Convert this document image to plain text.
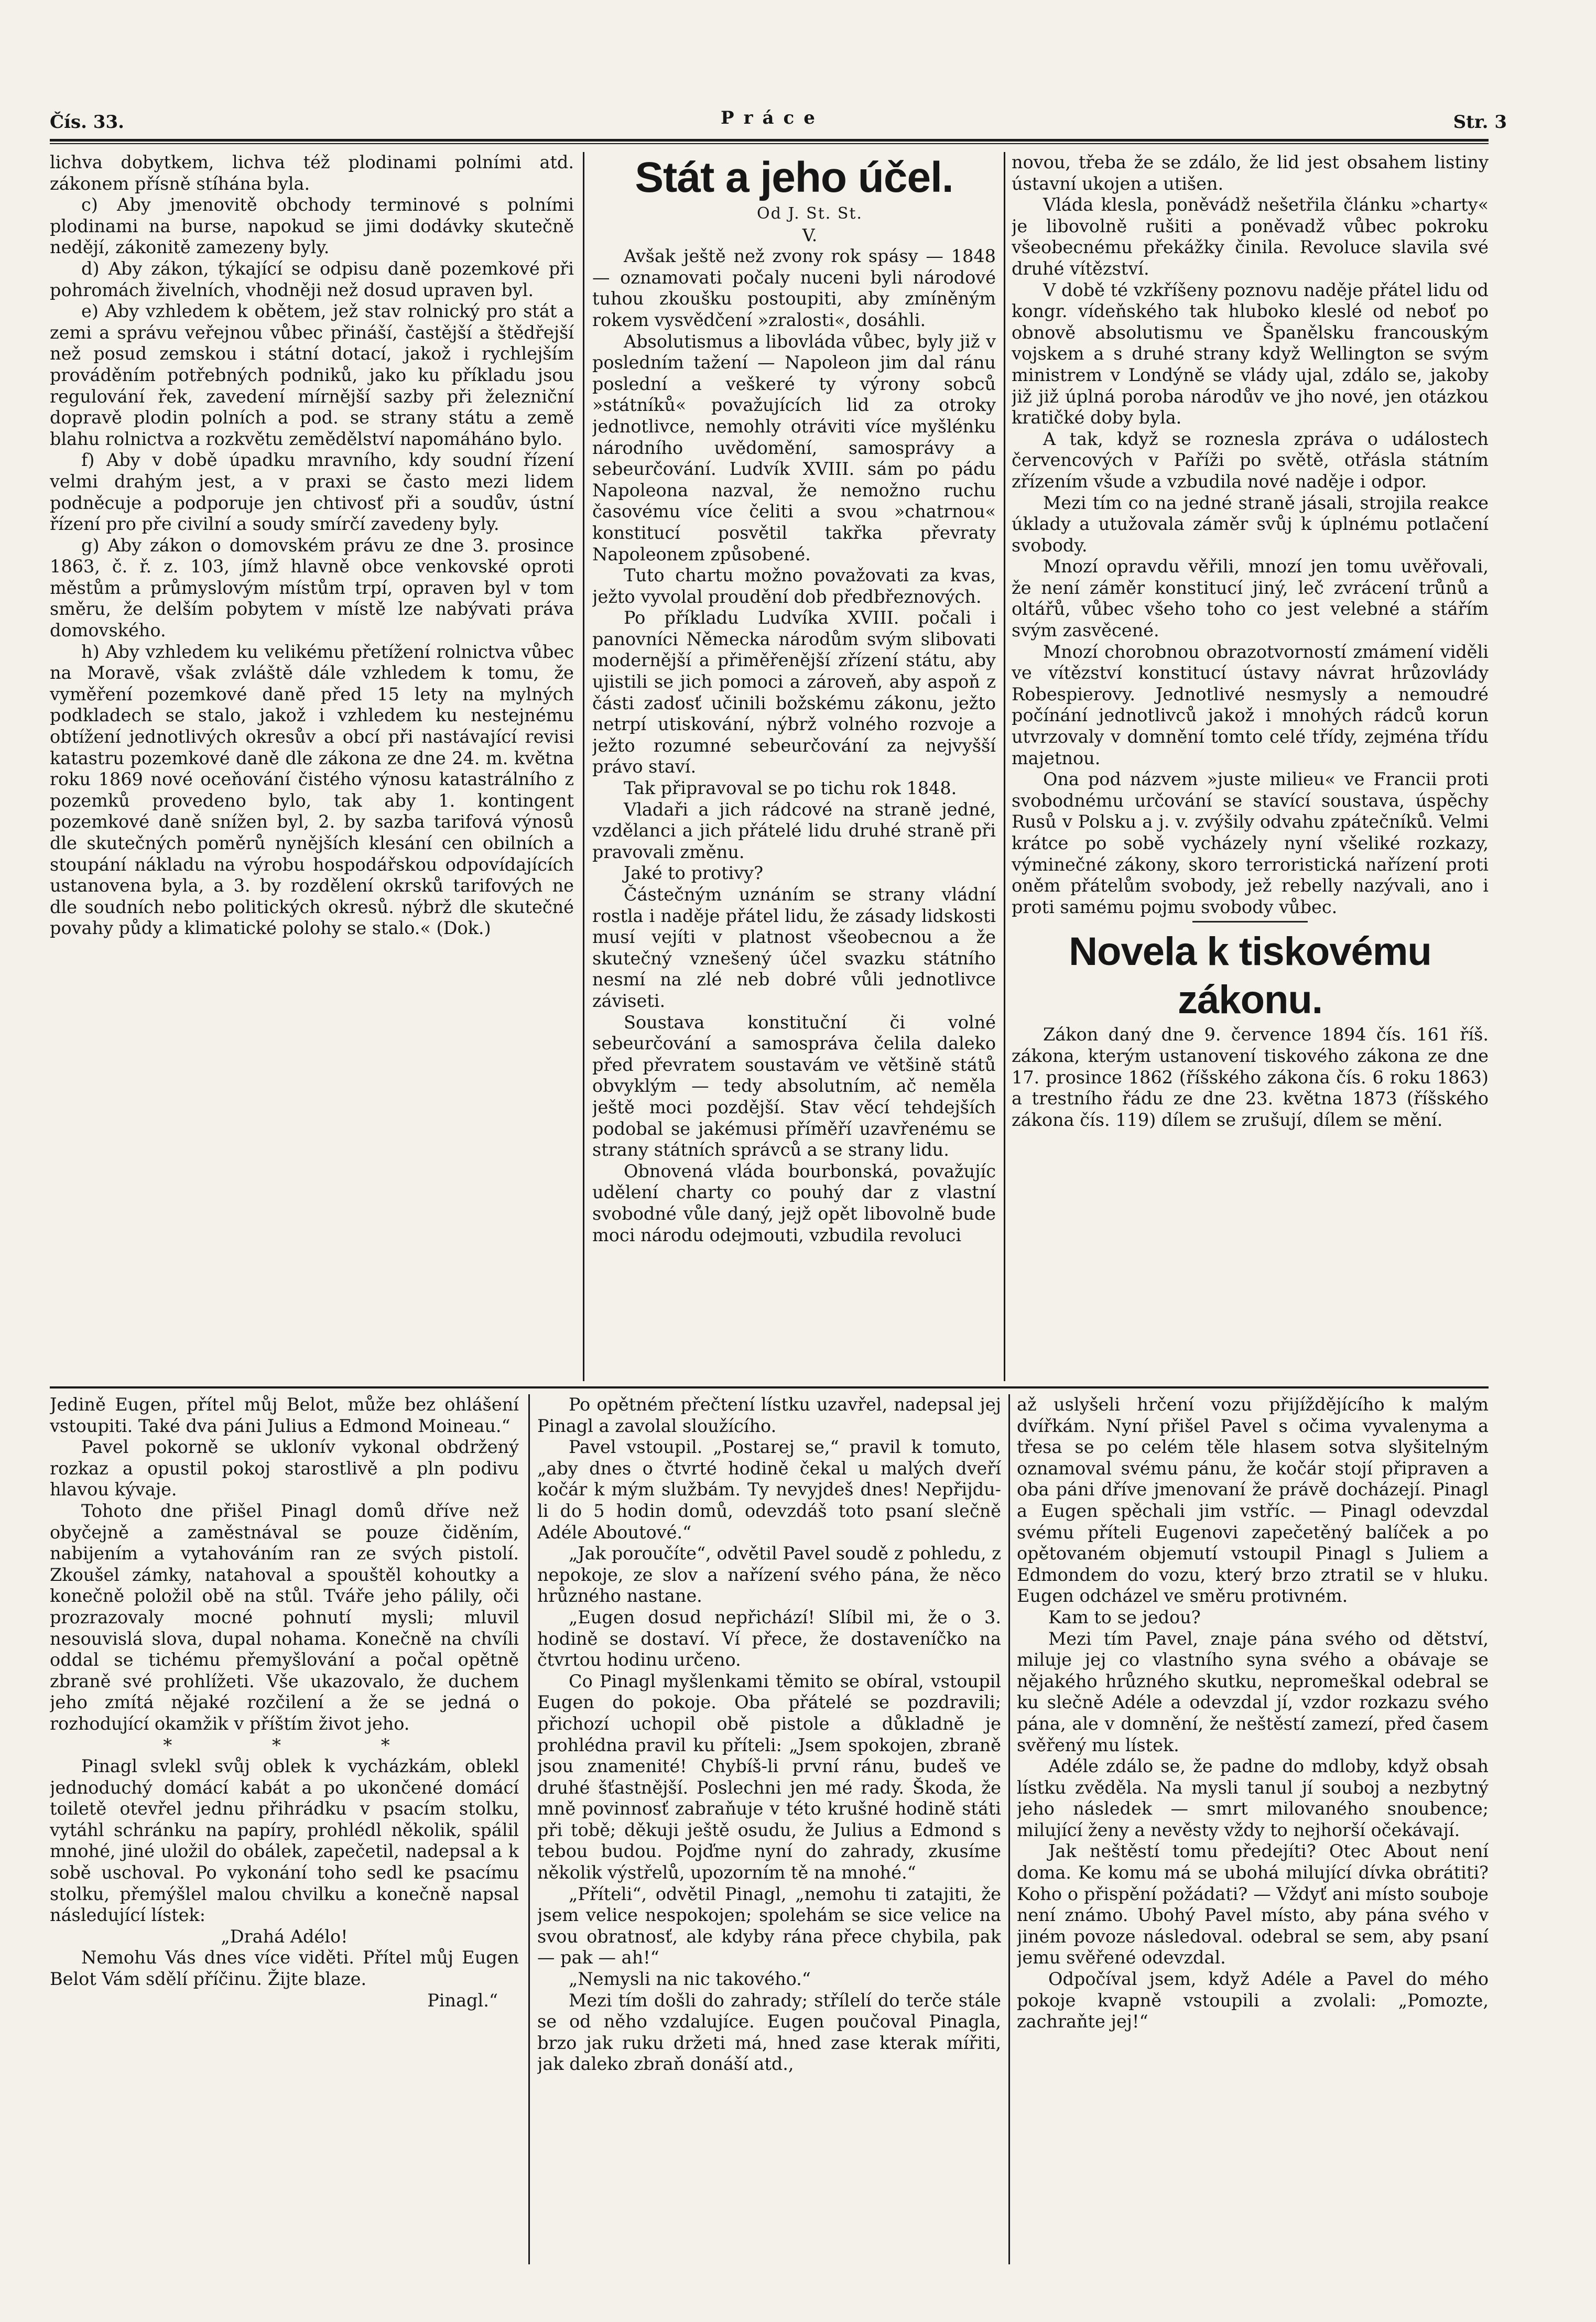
Čís. 33.	Práce	Str. 3

lichva dobytkem, lichva též plodinami polními atd. zákonem přísně stíhána byla.

c) Aby jmenovitě obchody terminové s polními plodinami na burse, napokud se jimi dodávky skutečně nedějí, zákonitě zamezeny byly.

d) Aby zákon, týkající se odpisu daně pozemkové při pohromách živelních, vhodněji než dosud upraven byl.

e) Aby vzhledem k obětem, jež stav rolnický pro stát a zemi a správu veřejnou vůbec přináší, častější a štědřejší než posud zemskou i státní dotací, jakož i rychlejším prováděním potřebných podniků, jako ku příkladu jsou regulování řek, zavedení mírnější sazby při železniční dopravě plodin polních a pod. se strany státu a země blahu rolnictva a rozkvětu zemědělství napomáháno bylo.

f) Aby v době úpadku mravního, kdy soudní řízení velmi drahým jest, a v praxi se často mezi lidem podněcuje a podporuje jen chtivosť při a soudův, ústní řízení pro pře civilní a soudy smírčí zavedeny byly.

g) Aby zákon o domovském právu ze dne 3. prosince 1863, č. ř. z. 103, jímž hlavně obce venkovské oproti městům a průmyslovým místům trpí, opraven byl v tom směru, že delším pobytem v místě lze nabývati práva domovského.

h) Aby vzhledem ku velikému přetížení rolnictva vůbec na Moravě, však zvláště dále vzhledem k tomu, že vyměření pozemkové daně před 15 lety na mylných podkladech se stalo, jakož i vzhledem ku nestejnému obtížení jednotlivých okresův a obcí při nastávající revisi katastru pozemkové daně dle zákona ze dne 24. m. května roku 1869 nové oceňování čistého výnosu katastrálního z pozemků provedeno bylo, tak aby 1. kontingent pozemkové daně snížen byl, 2. by sazba tarifová výnosů dle skutečných poměrů nynějších klesání cen obilních a stoupání nákladu na výrobu hospodářskou odpovídajících ustanovena byla, a 3. by rozdělení okrsků tarifových ne dle soudních nebo politických okresů. nýbrž dle skutečné povahy půdy a klimatické polohy se stalo.« (Dok.)

Stát a jeho účel.

Od J. St. St.

V.

Avšak ještě než zvony rok spásy — 1848 — oznamovati počaly nuceni byli národové tuhou zkoušku postoupiti, aby zmíněným rokem vysvědčení »zralosti«, dosáhli.

Absolutismus a libovláda vůbec, byly již v posledním tažení — Napoleon jim dal ránu poslední a veškeré ty výrony sobců »státníků« považujících lid za otroky jednotlivce, nemohly otráviti více myšlénku národního uvědomění, samosprávy a sebeurčování. Ludvík XVIII. sám po pádu Napoleona nazval, že nemožno ruchu časovému více čeliti a svou »chatrnou« konstitucí posvětil takřka převraty Napoleonem způsobené.

Tuto chartu možno považovati za kvas, ježto vyvolal proudění dob předbřeznových.

Po příkladu Ludvíka XVIII. počali i panovníci Německa národům svým slibovati modernější a přiměřenější zřízení státu, aby ujistili se jich pomoci a zároveň, aby aspoň z části zadosť učinili božskému zákonu, ježto netrpí utiskování, nýbrž volného rozvoje a ježto rozumné sebeurčování za nejvyšší právo staví.

Tak připravoval se po tichu rok 1848.

Vladaři a jich rádcové na straně jedné, vzdělanci a jich přátelé lidu druhé straně při pravovali změnu.

Jaké to protivy?

Částečným uznáním se strany vládní rostla i naděje přátel lidu, že zásady lidskosti musí vejíti v platnost všeobecnou a že skutečný vznešený účel svazku státního nesmí na zlé neb dobré vůli jednotlivce záviseti.

Soustava konstituční či volné sebeurčování a samospráva čelila daleko před převratem soustavám ve většině států obvyklým — tedy absolutním, ač neměla ještě moci pozdější. Stav věcí tehdejších podobal se jakémusi příměří uzavřenému se strany státních správců a se strany lidu.

Obnovená vláda bourbonská, považujíc udělení charty co pouhý dar z vlastní svobodné vůle daný, jejž opět libovolně bude moci národu odejmouti, vzbudila revoluci

novou, třeba že se zdálo, že lid jest obsahem listiny ústavní ukojen a utišen.

Vláda klesla, poněvádž nešetřila článku »charty« je libovolně rušiti a poněvadž vůbec pokroku všeobecnému překážky činila. Revoluce slavila své druhé vítězství.

V době té vzkříšeny poznovu naděje přátel lidu od kongr. vídeňského tak hluboko kleslé od neboť po obnově absolutismu ve Španělsku francouským vojskem a s druhé strany když Wellington se svým ministrem v Londýně se vlády ujal, zdálo se, jakoby již již úplná poroba národův ve jho nové, jen otázkou kratičké doby byla.

A tak, když se roznesla zpráva o událostech červencových v Paříži po světě, otřásla státním zřízením všude a vzbudila nové naděje i odpor.

Mezi tím co na jedné straně jásali, strojila reakce úklady a utužovala záměr svůj k úplnému potlačení svobody.

Mnozí opravdu věřili, mnozí jen tomu uvěřovali, že není záměr konstitucí jiný, leč zvrácení trůnů a oltářů, vůbec všeho toho co jest velebné a stářím svým zasvěcené.

Mnozí chorobnou obrazotvorností zmámení viděli ve vítězství konstitucí ústavy návrat hrůzovlády Robespierovy. Jednotlivé nesmysly a nemoudré počínání jednotlivců jakož i mnohých rádců korun utvrzovaly v domnění tomto celé třídy, zejména třídu majetnou.

Ona pod názvem »juste milieu« ve Francii proti svobodnému určování se stavící soustava, úspěchy Rusů v Polsku a j. v. zvýšily odvahu zpátečníků. Velmi krátce po sobě vycházely nyní všeliké rozkazy, výminečné zákony, skoro terroristická nařízení proti oněm přátelům svobody, jež rebelly nazývali, ano i proti samému pojmu svobody vůbec.

Novela k tiskovému zákonu.

Zákon daný dne 9. července 1894 čís. 161 říš. zákona, kterým ustanovení tiskového zákona ze dne 17. prosince 1862 (říšského zákona čís. 6 roku 1863) a trestního řádu ze dne 23. května 1873 (říšského zákona čís. 119) dílem se zrušují, dílem se mění.

Jedině Eugen, přítel můj Belot, může bez ohlášení vstoupiti. Také dva páni Julius a Edmond Moineau.“

Pavel pokorně se uklonív vykonal obdržený rozkaz a opustil pokoj starostlivě a pln podivu hlavou kývaje.

Tohoto dne přišel Pinagl domů dříve než obyčejně a zaměstnával se pouze čiděním, nabijením a vytahováním ran ze svých pistolí. Zkoušel zámky, natahoval a spouštěl kohoutky a konečně položil obě na stůl. Tváře jeho pálily, oči prozrazovaly mocné pohnutí mysli; mluvil nesouvislá slova, dupal nohama. Konečně na chvíli oddal se tichému přemyšlování a počal opětně zbraně své prohlížeti. Vše ukazovalo, že duchem jeho zmítá nějaké rozčilení a že se jedná o rozhodující okamžik v příštím život jeho.

* * *

Pinagl svlekl svůj oblek k vycházkám, oblekl jednoduchý domácí kabát a po ukončené domácí toiletě otevřel jednu přihrádku v psacím stolku, vytáhl schránku na papíry, prohlédl několik, spálil mnohé, jiné uložil do obálek, zapečetil, nadepsal a k sobě uschoval. Po vykonání toho sedl ke psacímu stolku, přemýšlel malou chvilku a konečně napsal následující lístek:

„Drahá Adélo!

Nemohu Vás dnes více viděti. Přítel můj Eugen Belot Vám sdělí příčinu. Žijte blaze.

Pinagl.“

Po opětném přečtení lístku uzavřel, nadepsal jej Pinagl a zavolal sloužícího.

Pavel vstoupil. „Postarej se,“ pravil k tomuto, „aby dnes o čtvrté hodině čekal u malých dveří kočár k mým službám. Ty nevyjdeš dnes! Nepřijdu-li do 5 hodin domů, odevzdáš toto psaní slečně Adéle Aboutové.“

„Jak poroučíte“, odvětil Pavel soudě z pohledu, z nepokoje, ze slov a nařízení svého pána, že něco hrůzného nastane.

„Eugen dosud nepřichází! Slíbil mi, že o 3. hodině se dostaví. Ví přece, že dostaveníčko na čtvrtou hodinu určeno.

Co Pinagl myšlenkami těmito se obíral, vstoupil Eugen do pokoje. Oba přátelé se pozdravili; přichozí uchopil obě pistole a důkladně je prohlédna pravil ku příteli: „Jsem spokojen, zbraně jsou znamenité! Chybíš-li první ránu, budeš ve druhé šťastnější. Poslechni jen mé rady. Škoda, že mně povinnosť zabraňuje v této krušné hodině státi při tobě; děkuji ještě osudu, že Julius a Edmond s tebou budou. Pojďme nyní do zahrady, zkusíme několik výstřelů, upozorním tě na mnohé.“

„Příteli“, odvětil Pinagl, „nemohu ti zatajiti, že jsem velice nespokojen; spolehám se sice velice na svou obratnosť, ale kdyby rána přece chybila, pak — pak — ah!“

„Nemysli na nic takového.“

Mezi tím došli do zahrady; střílelí do terče stále se od něho vzdalujíce. Eugen poučoval Pinagla, brzo jak ruku držeti má, hned zase kterak mířiti, jak daleko zbraň donáší atd.,

až uslyšeli hrčení vozu přijíždějícího k malým dvířkám. Nyní přišel Pavel s očima vyvalenyma a třesa se po celém těle hlasem sotva slyšitelným oznamoval svému pánu, že kočár stojí připraven a oba páni dříve jmenovaní že právě docházejí. Pinagl a Eugen spěchali jim vstříc. — Pinagl odevzdal svému příteli Eugenovi zapečetěný balíček a po opětovaném objemutí vstoupil Pinagl s Juliem a Edmondem do vozu, který brzo ztratil se v hluku. Eugen odcházel ve směru protivném.

Kam to se jedou?

Mezi tím Pavel, znaje pána svého od dětství, miluje jej co vlastního syna svého a obávaje se nějakého hrůzného skutku, nepromeškal odebral se ku slečně Adéle a odevzdal jí, vzdor rozkazu svého pána, ale v domnění, že neštěstí zamezí, před časem svěřený mu lístek.

Adéle zdálo se, že padne do mdloby, když obsah lístku zvěděla. Na mysli tanul jí souboj a nezbytný jeho následek — smrt milovaného snoubence; milující ženy a nevěsty vždy to nejhorší očekávají.

Jak neštěstí tomu předejíti? Otec About není doma. Ke komu má se ubohá milující dívka obrátiti? Koho o přispění požádati? — Vždyť ani místo souboje není známo. Ubohý Pavel místo, aby pána svého v jiném povoze následoval. odebral se sem, aby psaní jemu svěřené odevzdal.

Odpočíval jsem, když Adéle a Pavel do mého pokoje kvapně vstoupili a zvolali: „Pomozte, zachraňte jej!“
